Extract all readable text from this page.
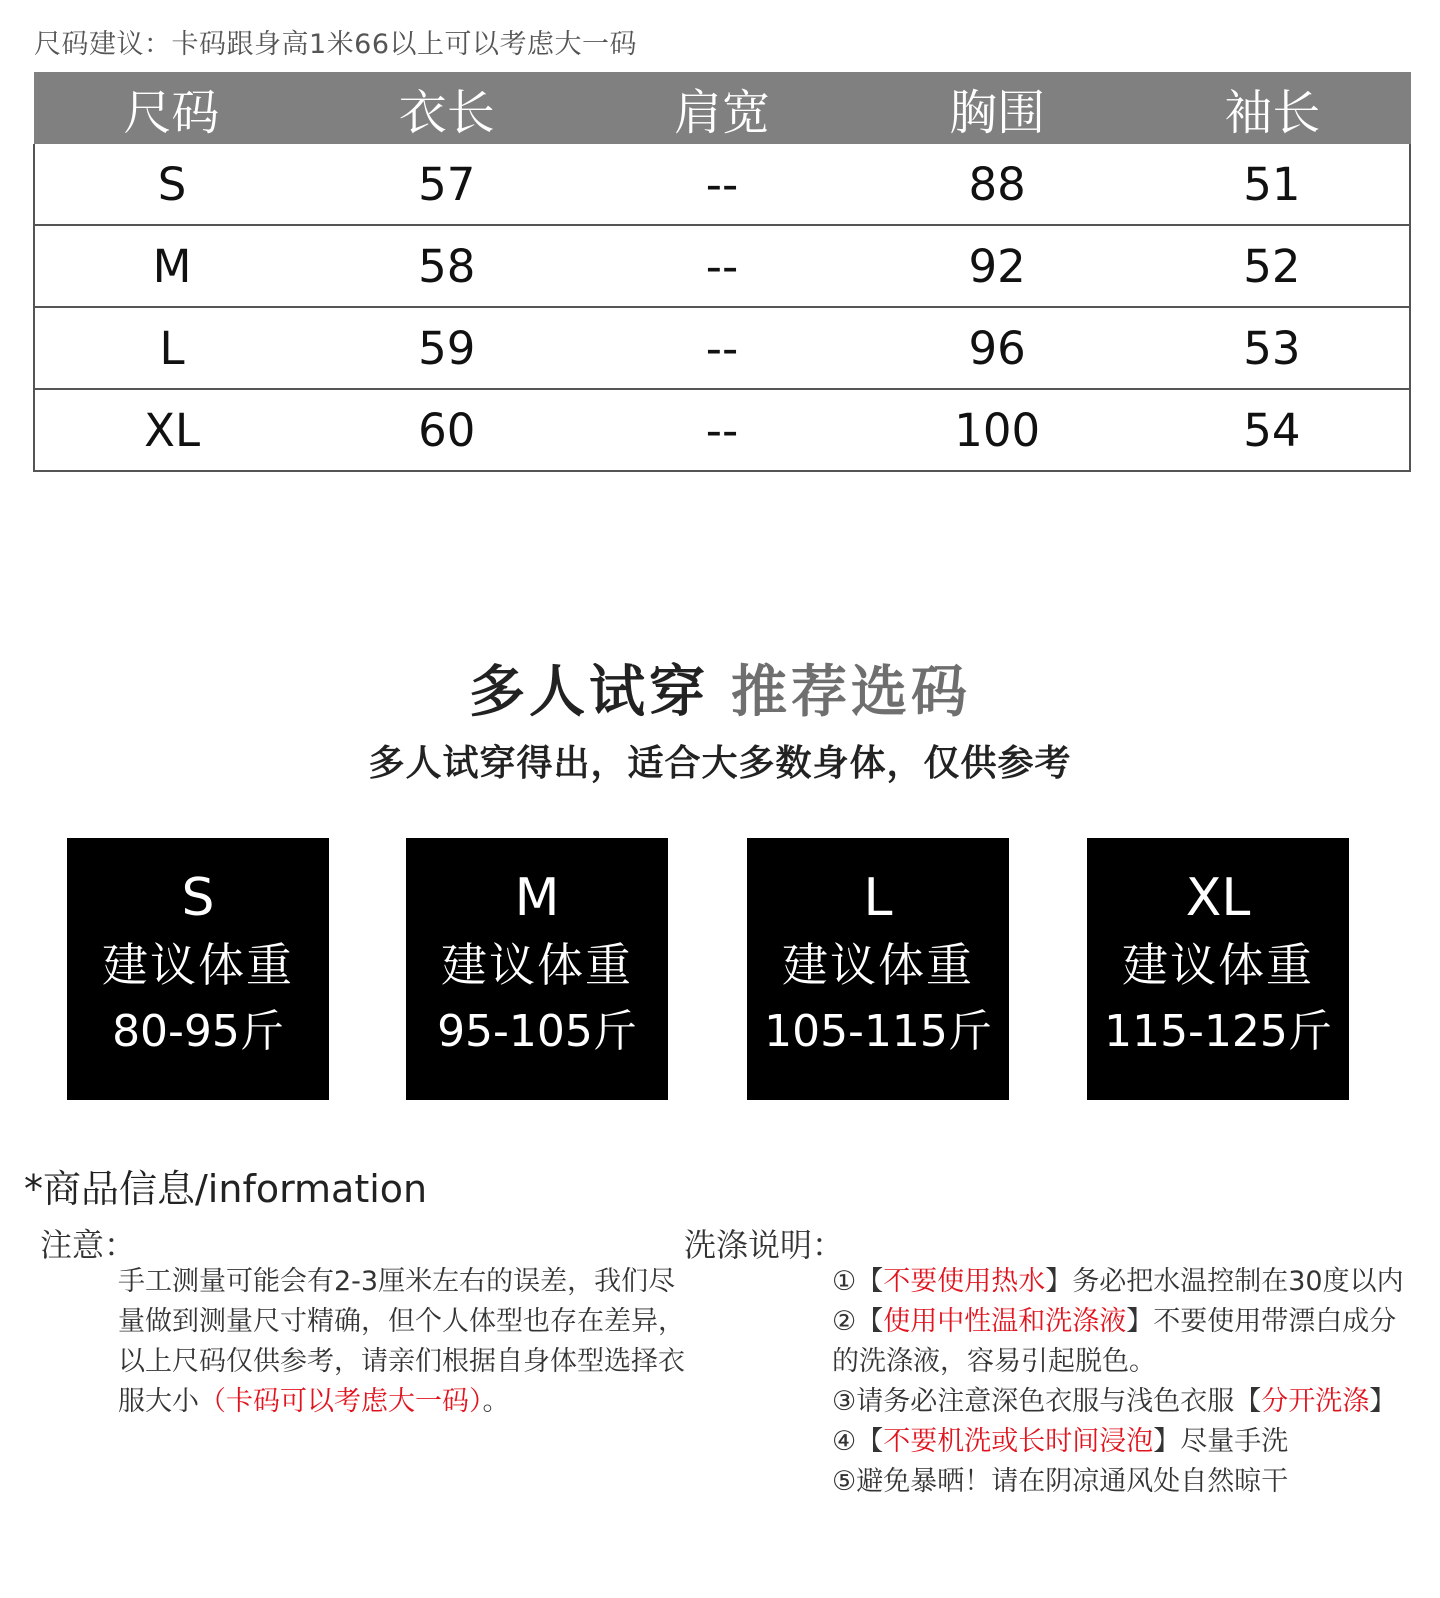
尺码建议：卡码跟身高1米66以上可以考虑大一码
尺码	衣长	肩宽	胸围	袖长
S	57	--	88	51
M	58	--	92	52
L	59	--	96	53
XL	60	--	100	54
多人试穿 推荐选码
多人试穿得出，适合大多数身体，仅供参考
S
建议体重
80-95斤
M
建议体重
95-105斤
L
建议体重
105-115斤
XL
建议体重
115-125斤
*商品信息/information
注意：
手工测量可能会有2-3厘米左右的误差，我们尽量做到测量尺寸精确，但个人体型也存在差异，以上尺码仅供参考，请亲们根据自身体型选择衣服大小（卡码可以考虑大一码）。
洗涤说明：
①【不要使用热水】务必把水温控制在30度以内
②【使用中性温和洗涤液】不要使用带漂白成分
的洗涤液，容易引起脱色。
③请务必注意深色衣服与浅色衣服【分开洗涤】
④【不要机洗或长时间浸泡】尽量手洗
⑤避免暴晒！请在阴凉通风处自然晾干
